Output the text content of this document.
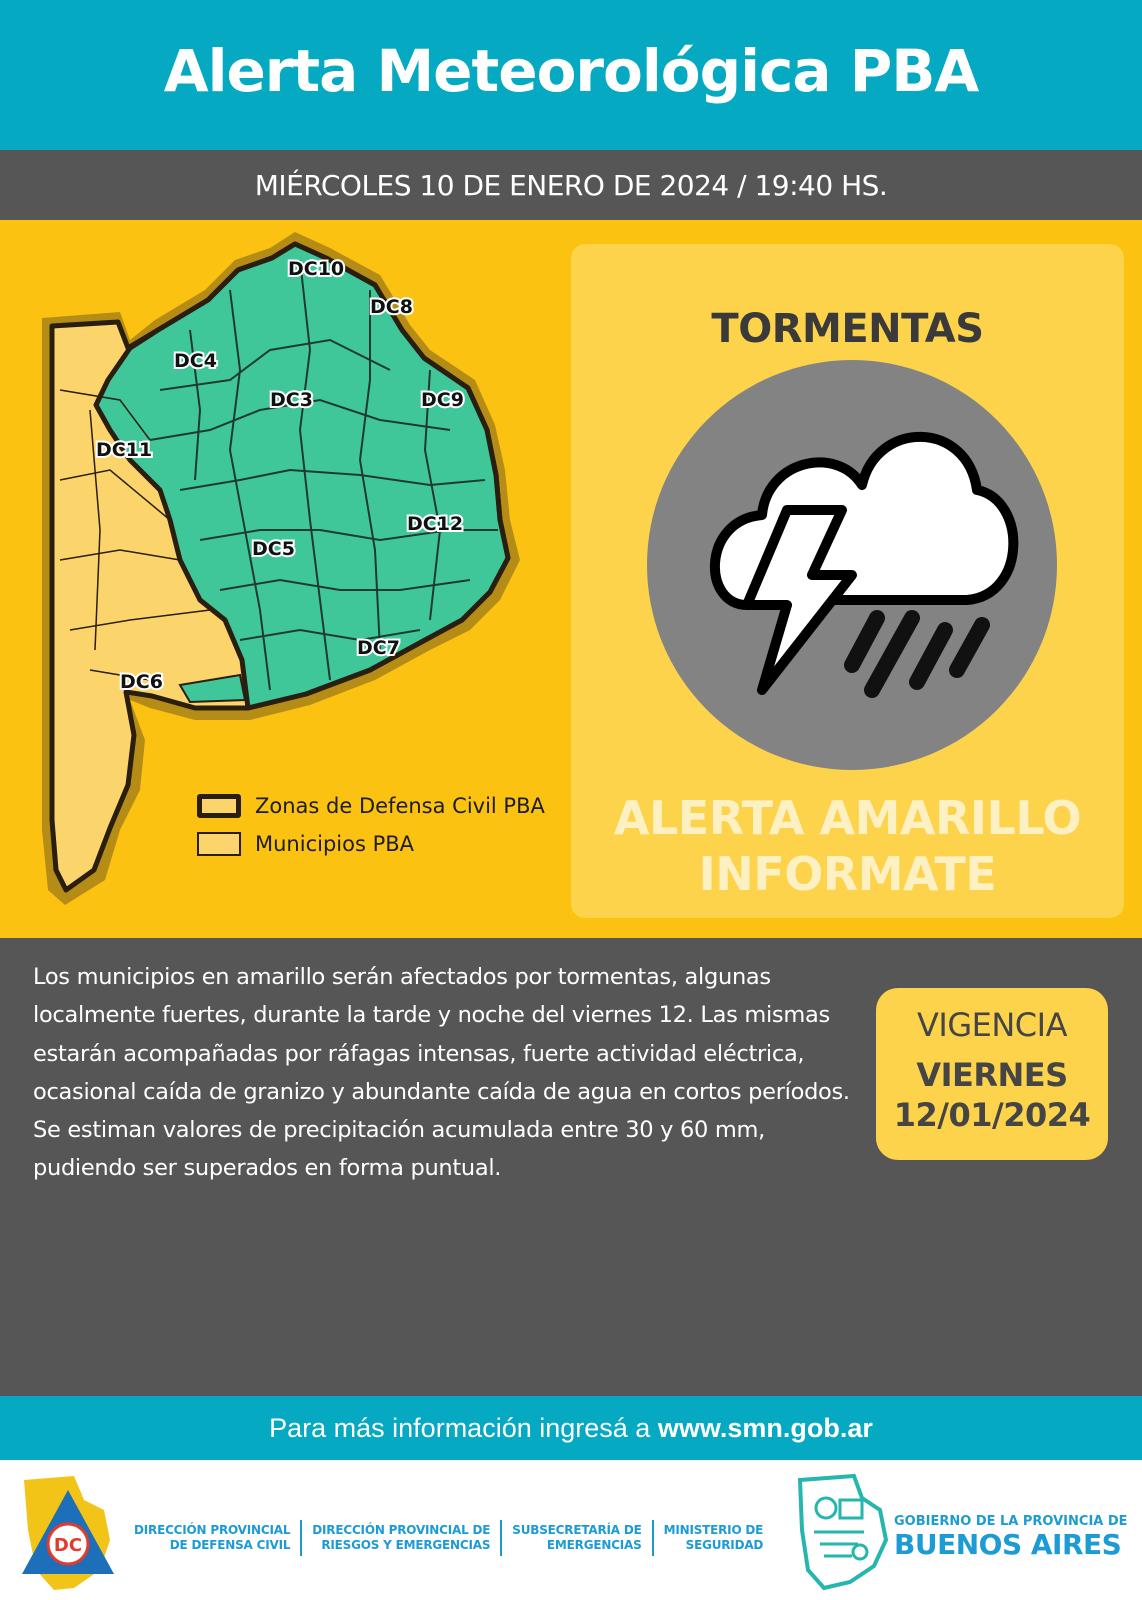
Alerta Meteorológica PBA
MIÉRCOLES 10 DE ENERO DE 2024 / 19:40 HS.
DC10
DC8
DC4
DC3	DC9
DC11
DC12
DC5
DC7
DC6
Zonas de Defensa Civil PBA
Municipios PBA
TORMENTAS
ALERTA AMARILLO
INFORMATE

Los municipios en amarillo serán afectados por tormentas, algunas localmente fuertes, durante la tarde y noche del viernes 12. Las mismas estarán acompañadas por ráfagas intensas, fuerte actividad eléctrica, ocasional caída de granizo y abundante caída de agua en cortos períodos.

Se estiman valores de precipitación acumulada entre 30 y 60 mm, pudiendo ser superados en forma puntual.

VIGENCIA
VIERNES
12/01/2024
Para más información ingresá a www.smn.gob.ar
DC
DIRECCIÓN PROVINCIAL
DE DEFENSA CIVIL
DIRECCIÓN PROVINCIAL DE
RIESGOS Y EMERGENCIAS
SUBSECRETARÍA DE
EMERGENCIAS
MINISTERIO DE
SEGURIDAD
GOBIERNO DE LA PROVINCIA DE
BUENOS AIRES
